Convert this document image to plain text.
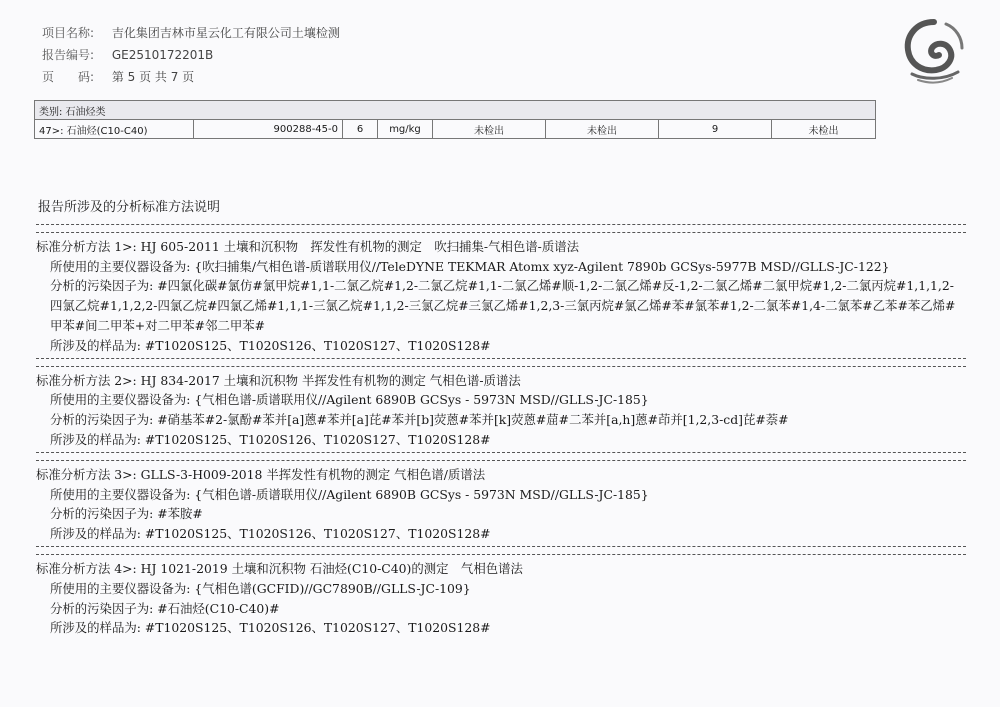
项目名称: 吉化集团吉林市星云化工有限公司土壤检测
报告编号: GE2510172201B
页　　码: 第 5 页 共 7 页
类别: 石油烃类
47>: 石油烃(C10-C40)	900288-45-0	6	mg/kg	未检出	未检出	9	未检出
报告所涉及的分析标准方法说明
标准分析方法 1>: HJ 605-2011 土壤和沉积物　挥发性有机物的测定　吹扫捕集-气相色谱-质谱法
所使用的主要仪器设备为: {吹扫捕集/气相色谱-质谱联用仪//TeleDYNE TEKMAR Atomx xyz-Agilent 7890b GCSys-5977B MSD//GLLS-JC-122}
分析的污染因子为: #四氯化碳#氯仿#氯甲烷#1,1-二氯乙烷#1,2-二氯乙烷#1,1-二氯乙烯#顺-1,2-二氯乙烯#反-1,2-二氯乙烯#二氯甲烷#1,2-二氯丙烷#1,1,1,2-四氯乙烷#1,1,2,2-四氯乙烷#四氯乙烯#1,1,1-三氯乙烷#1,1,2-三氯乙烷#三氯乙烯#1,2,3-三氯丙烷#氯乙烯#苯#氯苯#1,2-二氯苯#1,4-二氯苯#乙苯#苯乙烯#甲苯#间二甲苯+对二甲苯#邻二甲苯#
所涉及的样品为: #T1020S125、T1020S126、T1020S127、T1020S128#
标准分析方法 2>: HJ 834-2017 土壤和沉积物 半挥发性有机物的测定 气相色谱-质谱法
所使用的主要仪器设备为: {气相色谱-质谱联用仪//Agilent 6890B GCSys - 5973N MSD//GLLS-JC-185}
分析的污染因子为: #硝基苯#2-氯酚#苯并[a]蒽#苯并[a]芘#苯并[b]荧蒽#苯并[k]荧蒽#䓛#二苯并[a,h]蒽#茚并[1,2,3-cd]芘#萘#
所涉及的样品为: #T1020S125、T1020S126、T1020S127、T1020S128#
标准分析方法 3>: GLLS-3-H009-2018 半挥发性有机物的测定 气相色谱/质谱法
所使用的主要仪器设备为: {气相色谱-质谱联用仪//Agilent 6890B GCSys - 5973N MSD//GLLS-JC-185}
分析的污染因子为: #苯胺#
所涉及的样品为: #T1020S125、T1020S126、T1020S127、T1020S128#
标准分析方法 4>: HJ 1021-2019 土壤和沉积物 石油烃(C10-C40)的测定　气相色谱法
所使用的主要仪器设备为: {气相色谱(GCFID)//GC7890B//GLLS-JC-109}
分析的污染因子为: #石油烃(C10-C40)#
所涉及的样品为: #T1020S125、T1020S126、T1020S127、T1020S128#
